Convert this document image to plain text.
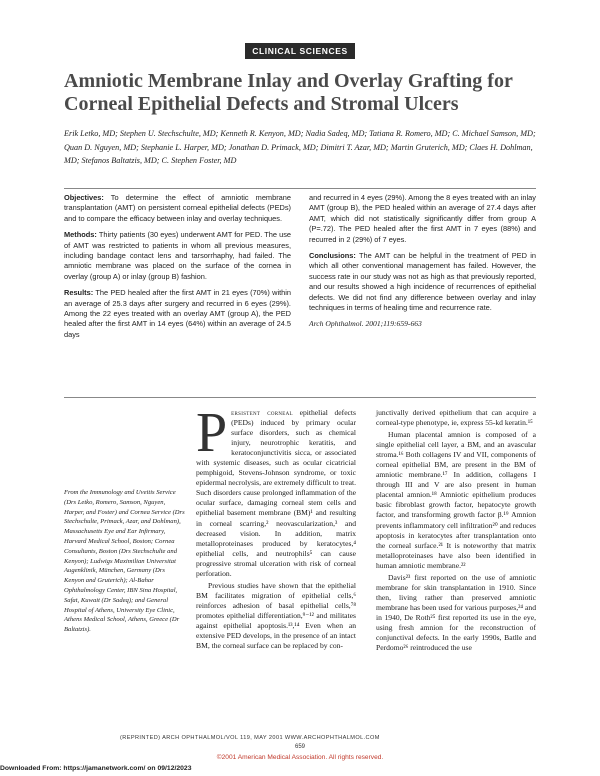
CLINICAL SCIENCES
Amniotic Membrane Inlay and Overlay Grafting for Corneal Epithelial Defects and Stromal Ulcers
Erik Letko, MD; Stephen U. Stechschulte, MD; Kenneth R. Kenyon, MD; Nadia Sadeq, MD; Tatiana R. Romero, MD; C. Michael Samson, MD; Quan D. Nguyen, MD; Stephanie L. Harper, MD; Jonathan D. Primack, MD; Dimitri T. Azar, MD; Martin Gruterich, MD; Claes H. Dohlman, MD; Stefanos Baltatzis, MD; C. Stephen Foster, MD

Objectives: To determine the effect of amniotic membrane transplantation (AMT) on persistent corneal epithelial defects (PEDs) and to compare the efficacy between inlay and overlay techniques.

Methods: Thirty patients (30 eyes) underwent AMT for PED. The use of AMT was restricted to patients in whom all previous measures, including bandage contact lens and tarsorrhaphy, had failed. The amniotic membrane was placed on the surface of the cornea in overlay (group A) or inlay (group B) fashion.

Results: The PED healed after the first AMT in 21 eyes (70%) within an average of 25.3 days after surgery and recurred in 6 eyes (29%). Among the 22 eyes treated with an overlay AMT (group A), the PED healed after the first AMT in 14 eyes (64%) within an average of 24.5 days

and recurred in 4 eyes (29%). Among the 8 eyes treated with an inlay AMT (group B), the PED healed within an average of 27.4 days after AMT, which did not statistically significantly differ from group A (P=.72). The PED healed after the first AMT in 7 eyes (88%) and recurred in 2 (29%) of 7 eyes.

Conclusions: The AMT can be helpful in the treatment of PED in which all other conventional management has failed. However, the success rate in our study was not as high as that previously reported, and our results showed a high incidence of recurrences of epithelial defects. We did not find any difference between overlay and inlay techniques in terms of healing time and recurrence rate.

Arch Ophthalmol. 2001;119:659-663

From the Immunology and Uveitis Service (Drs Letko, Romero, Samson, Nguyen, Harper, and Foster) and Cornea Service (Drs Stechschulte, Primack, Azar, and Dohlman), Massachusetts Eye and Ear Infirmary, Harvard Medical School, Boston; Cornea Consultants, Boston (Drs Stechschulte and Kenyon); Ludwigs Maximilian Universitat Augenklinik, München, Germany (Drs Kenyon and Gruterich); Al-Bahar Ophthalmology Center, IBN Sina Hospital, Safat, Kuwait (Dr Sadeq); and General Hospital of Athens, University Eye Clinic, Athens Medical School, Athens, Greece (Dr Baltatzis).

Persistent corneal epithelial defects (PEDs) induced by primary ocular surface disorders, such as chemical injury, neurotrophic keratitis, and keratoconjunctivitis sicca, or associated with systemic diseases, such as ocular cicatricial pemphigoid, Stevens-Johnson syndrome, or toxic epidermal necrolysis, are extremely difficult to treat. Such disorders cause prolonged inflammation of the ocular surface, damaging corneal stem cells and epithelial basement membrane (BM)¹ and resulting in corneal scarring,² neovascularization,³ and decreased vision. In addition, matrix metalloproteinases produced by keratocytes,⁴ epithelial cells, and neutrophils⁵ can cause progressive stromal ulceration with risk of corneal perforation.

Previous studies have shown that the epithelial BM facilitates migration of epithelial cells,⁶ reinforces adhesion of basal epithelial cells,⁷⁸ promotes epithelial differentiation,⁹⁻¹² and militates against epithelial apoptosis.¹³,¹⁴ Even when an extensive PED develops, in the presence of an intact BM, the corneal surface can be replaced by con-

junctivally derived epithelium that can acquire a corneal-type phenotype, ie, express 55-kd keratin.¹⁵

Human placental amnion is composed of a single epithelial cell layer, a BM, and an avascular stroma.¹⁶ Both collagens IV and VII, components of corneal epithelial BM, are present in the BM of amniotic membrane.¹⁷ In addition, collagens I through III and V are also present in human placental amnion.¹⁸ Amniotic epithelium produces basic fibroblast growth factor, hepatocyte growth factor, and transforming growth factor β.¹⁹ Amnion prevents inflammatory cell infiltration²⁰ and reduces apoptosis in keratocytes after transplantation onto the corneal surface.²¹ It is noteworthy that matrix metalloproteinases have also been identified in human amniotic membrane.²²

Davis²³ first reported on the use of amniotic membrane for skin transplantation in 1910. Since then, living rather than preserved amniotic membrane has been used for various purposes,²⁴ and in 1940, De Roth²⁵ first reported its use in the eye, using fresh amnion for the reconstruction of conjunctival defects. In the early 1990s, Batlle and Perdomo²⁶ reintroduced the use

(REPRINTED) ARCH OPHTHALMOL/VOL 119, MAY 2001 WWW.ARCHOPHTHALMOL.COM
659
©2001 American Medical Association. All rights reserved.
Downloaded From: https://jamanetwork.com/ on 09/12/2023
